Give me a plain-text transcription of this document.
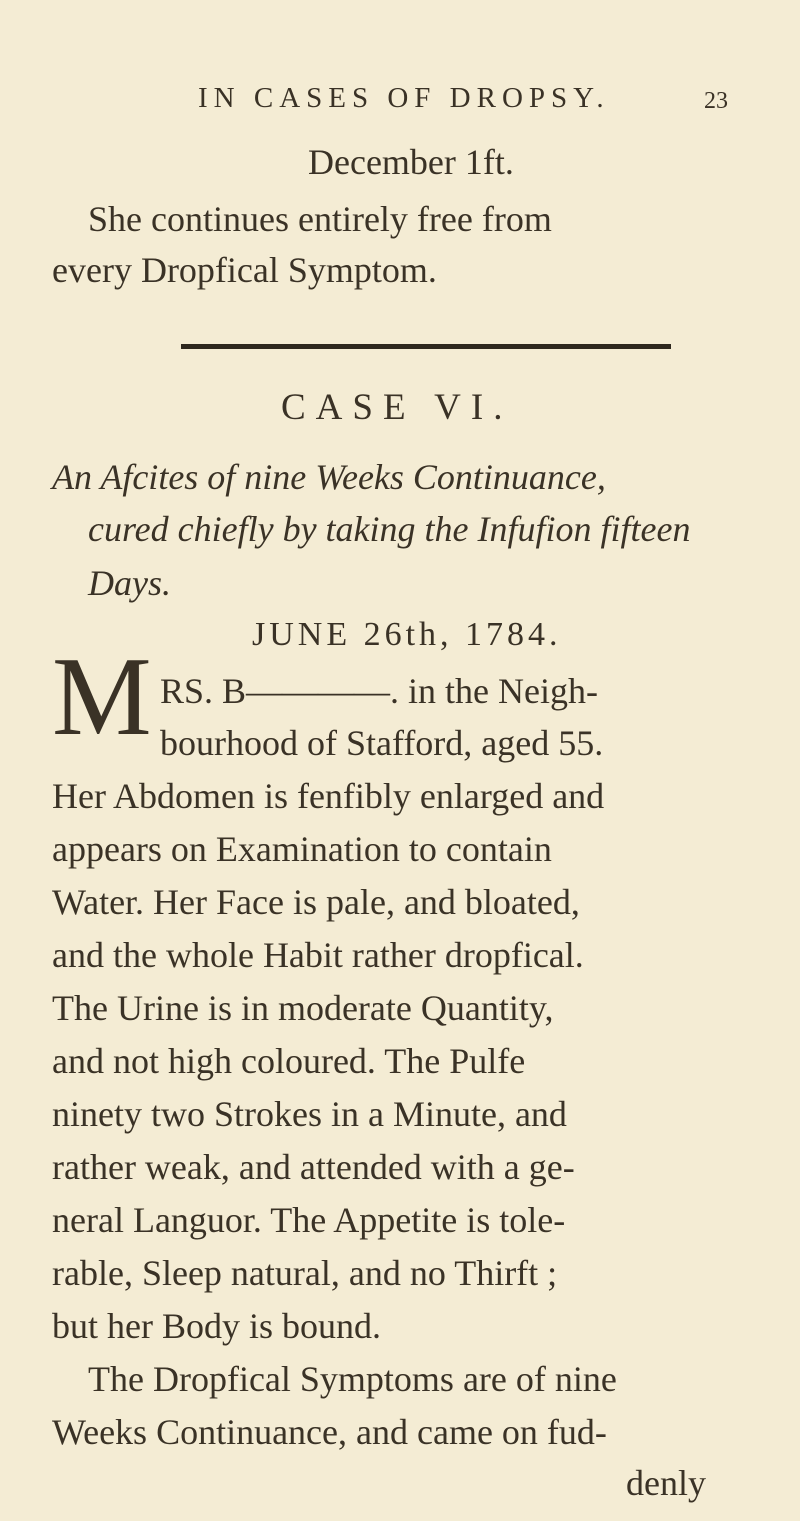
IN CASES OF DROPSY.	23
December 1ft.
She continues entirely free from
every Dropfical Symptom.
CASE VI.
An Afcites of nine Weeks Continuance,
cured chiefly by taking the Infufion fifteen
Days.
JUNE 26th, 1784.
M RS. B————. in the Neigh-
bourhood of Stafford, aged 55.
Her Abdomen is fenfibly enlarged and
appears on Examination to contain
Water. Her Face is pale, and bloated,
and the whole Habit rather dropfical.
The Urine is in moderate Quantity,
and not high coloured. The Pulfe
ninety two Strokes in a Minute, and
rather weak, and attended with a ge-
neral Languor. The Appetite is tole-
rable, Sleep natural, and no Thirft ;
but her Body is bound.
The Dropfical Symptoms are of nine
Weeks Continuance, and came on fud-
denly
